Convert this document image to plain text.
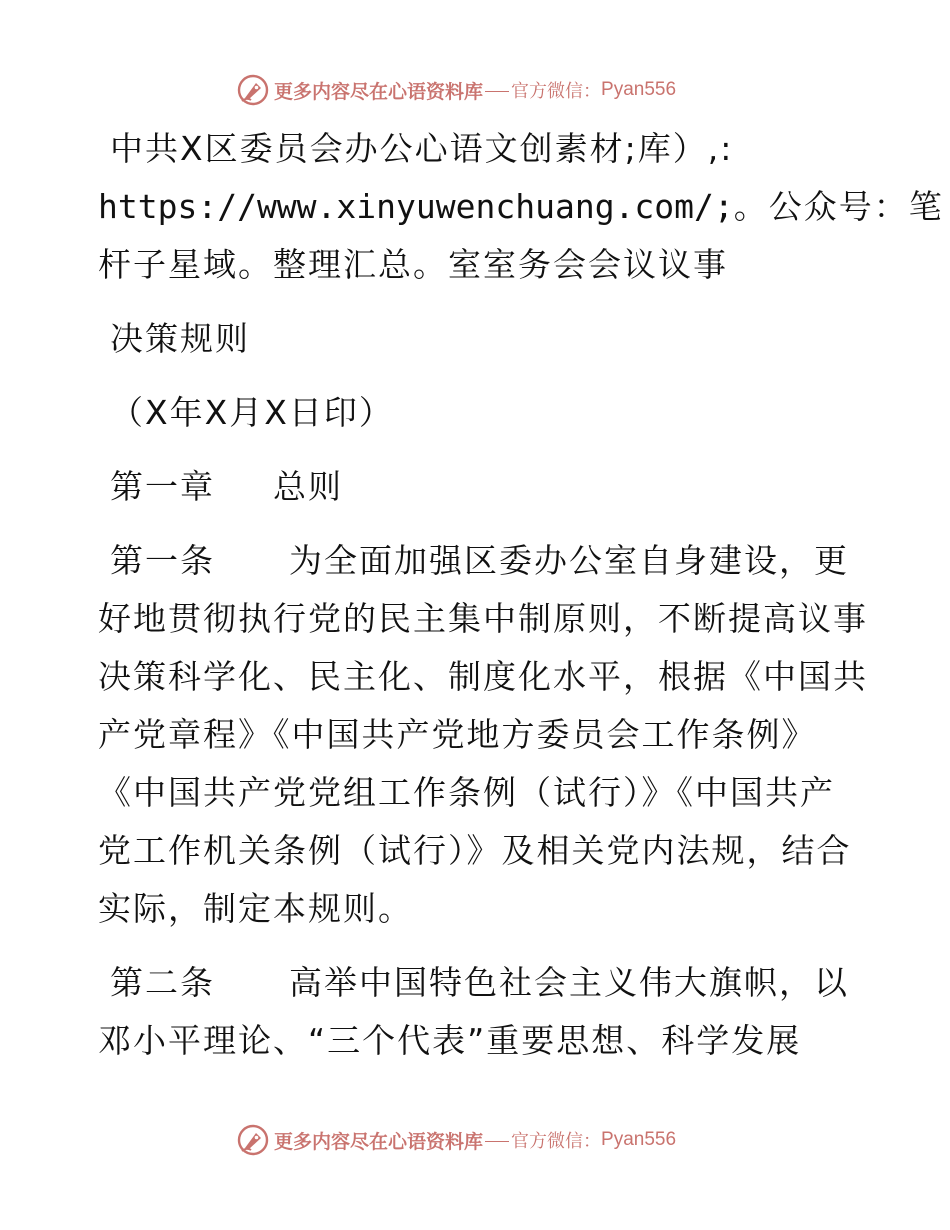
更多内容尽在心语资料库 官方微信： Pyan556
中共X区委员会办公心语文创素材;库）,:
https://www.xinyuwenchuang.com/;。公众号：笔
杆子星域。整理汇总。室室务会会议议事
决策规则
（X年X月X日印）
第一章 总则
第一条 为全面加强区委办公室自身建设，更
好地贯彻执行党的民主集中制原则，不断提高议事
决策科学化、民主化、制度化水平，根据《中国共
产党章程》《中国共产党地方委员会工作条例》
《中国共产党党组工作条例（试行）》《中国共产
党工作机关条例（试行）》及相关党内法规，结合
实际，制定本规则。
第二条 高举中国特色社会主义伟大旗帜，以
邓小平理论、“三个代表”重要思想、科学发展
更多内容尽在心语资料库 官方微信： Pyan556
